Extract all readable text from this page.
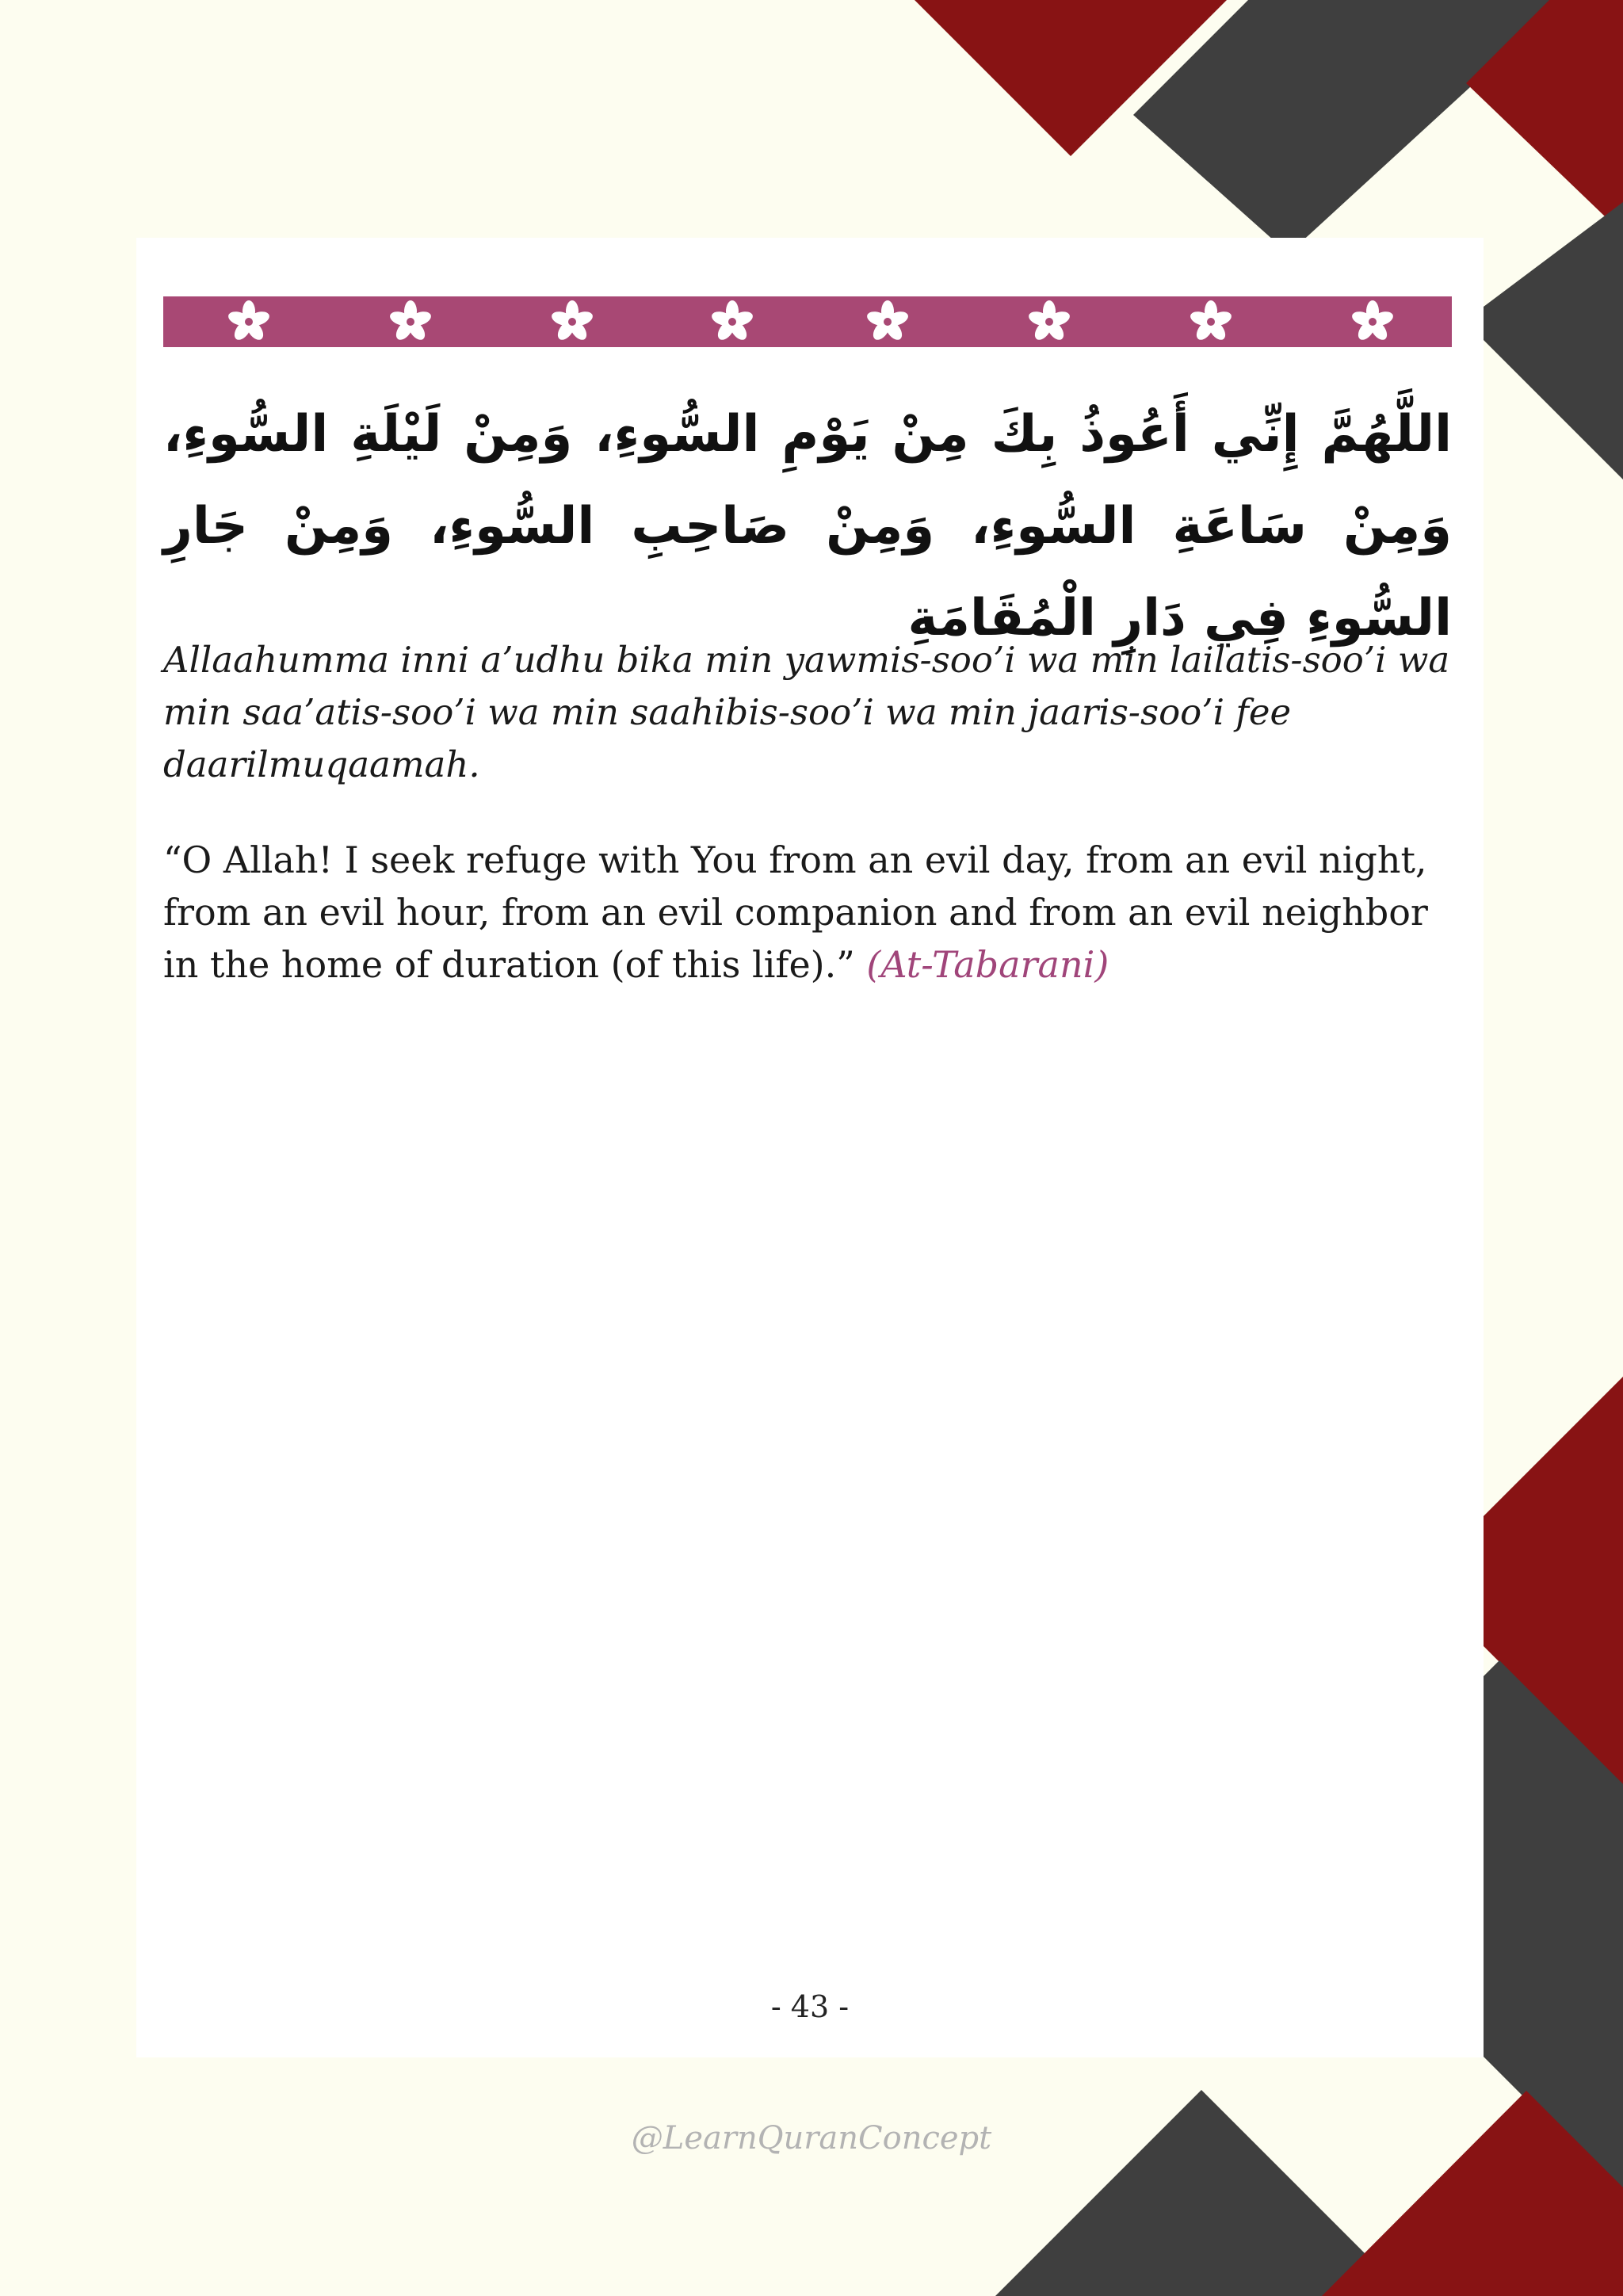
اللَّهُمَّ إِنِّي أَعُوذُ بِكَ مِنْ يَوْمِ السُّوءِ، وَمِنْ لَيْلَةِ السُّوءِ، وَمِنْ سَاعَةِ السُّوءِ، وَمِنْ صَاحِبِ السُّوءِ، وَمِنْ جَارِ السُّوءِ فِي دَارِ الْمُقَامَةِ

Allaahumma inni a’udhu bika min yawmis-soo’i wa min lailatis-soo’i wa min saa’atis-soo’i wa min saahibis-soo’i wa min jaaris-soo’i fee daarilmuqaamah.

“O Allah! I seek refuge with You from an evil day, from an evil night, from an evil hour, from an evil companion and from an evil neighbor in the home of duration (of this life).” (At-Tabarani)

- 43 -
@LearnQuranConcept
